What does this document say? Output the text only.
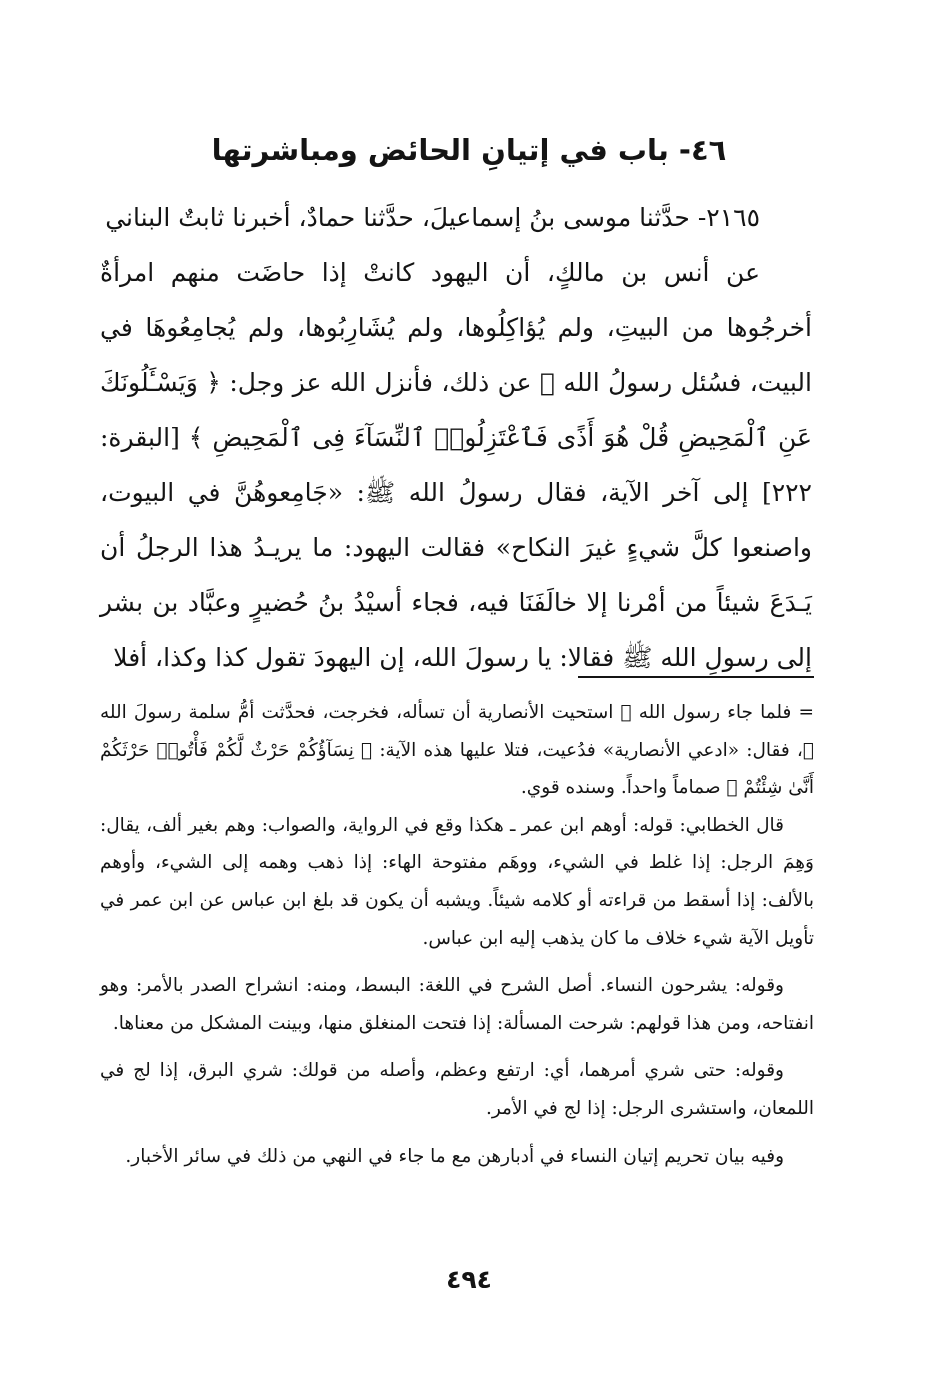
٤٦- باب في إتيانِ الحائض ومباشرتها

٢١٦٥- حدَّثنا موسى بنُ إسماعيلَ، حدَّثنا حمادٌ، أخبرنا ثابتٌ البناني

عن أنس بن مالكٍ، أن اليهود كانتْ إذا حاضَت منهم امرأةٌ أخرجُوها من البيتِ، ولم يُؤاكِلُوها، ولم يُشَارِبُوها، ولم يُجامِعُوهَا في البيت، فسُئل رسولُ الله ﷺ عن ذلك، فأنزل الله عز وجل: ﴿ وَيَسْـَٔلُونَكَ عَنِ ٱلْمَحِيضِ قُلْ هُوَ أَذًى فَٱعْتَزِلُوا۟ ٱلنِّسَآءَ فِى ٱلْمَحِيضِ ﴾ [البقرة: ٢٢٢] إلى آخر الآية، فقال رسولُ الله ﷺ: «جَامِعوهُنَّ في البيوت، واصنعوا كلَّ شيءٍ غيرَ النكاح» فقالت اليهود: ما يريـدُ هذا الرجلُ أن يَـدَعَ شيئاً من أمْرنا إلا خالَفَنَا فيه، فجاء أسيْدُ بنُ حُضيرٍ وعبَّاد بن بشر إلى رسولِ الله ﷺ فقالا: يا رسولَ الله، إن اليهودَ تقول كذا وكذا، أفلا

= فلما جاء رسول الله ﷺ استحيت الأنصارية أن تسأله، فخرجت، فحدَّثت أمُّ سلمة رسولَ الله ﷺ، فقال: «ادعي الأنصارية» فدُعيت، فتلا عليها هذه الآية: ﴿ نِسَآؤُكُمْ حَرْثٌ لَّكُمْ فَأْتُوا۟ حَرْثَكُمْ أَنَّىٰ شِئْتُمْ ﴾ صماماً واحداً. وسنده قوي.

قال الخطابي: قوله: أوهم ابن عمر ـ هكذا وقع في الرواية، والصواب: وهم بغير ألف، يقال: وَهِمَ الرجل: إذا غلط في الشيء، ووهَم مفتوحة الهاء: إذا ذهب وهمه إلى الشيء، وأوهم بالألف: إذا أسقط من قراءته أو كلامه شيئاً. ويشبه أن يكون قد بلغ ابن عباس عن ابن عمر في تأويل الآية شيء خلاف ما كان يذهب إليه ابن عباس.

وقوله: يشرحون النساء. أصل الشرح في اللغة: البسط، ومنه: انشراح الصدر بالأمر: وهو انفتاحه، ومن هذا قولهم: شرحت المسألة: إذا فتحت المنغلق منها، وبينت المشكل من معناها.

وقوله: حتى شري أمرهما، أي: ارتفع وعظم، وأصله من قولك: شري البرق، إذا لج في اللمعان، واستشرى الرجل: إذا لج في الأمر.

وفيه بيان تحريم إتيان النساء في أدبارهن مع ما جاء في النهي من ذلك في سائر الأخبار.

٤٩٤
